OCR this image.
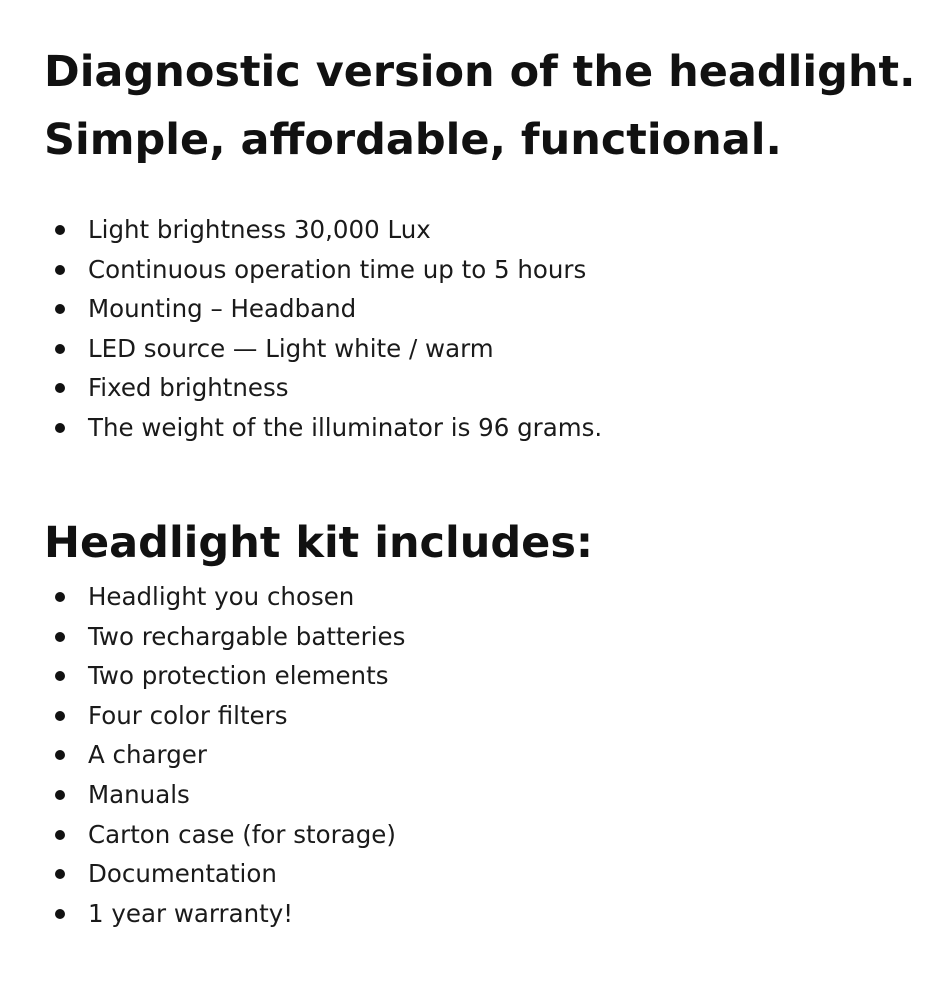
Diagnostic version of the headlight.
Simple, affordable, functional.
Light brightness 30,000 Lux
Continuous operation time up to 5 hours
Mounting – Headband
LED source — Light white / warm
Fixed brightness
The weight of the illuminator is 96 grams.
Headlight kit includes:
Headlight you chosen
Two rechargable batteries
Two protection elements
Four color filters
A charger
Manuals
Carton case (for storage)
Documentation
1 year warranty!
